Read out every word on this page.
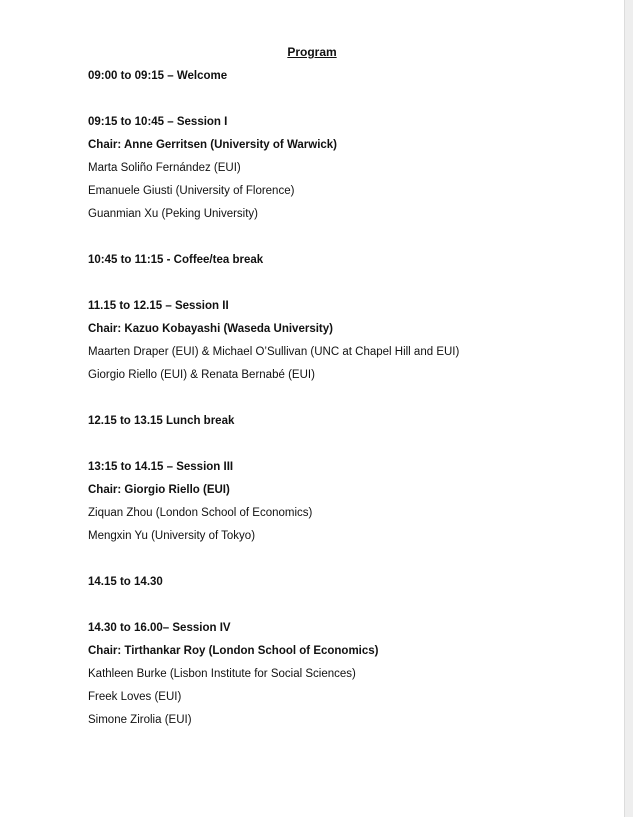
Program
09:00 to 09:15 – Welcome
09:15 to 10:45 – Session I
Chair: Anne Gerritsen (University of Warwick)
Marta Soliño Fernández (EUI)
Emanuele Giusti (University of Florence)
Guanmian Xu (Peking University)
10:45 to 11:15 - Coffee/tea break
11.15 to 12.15 – Session II
Chair: Kazuo Kobayashi (Waseda University)
Maarten Draper (EUI) & Michael O’Sullivan (UNC at Chapel Hill and EUI)
Giorgio Riello (EUI) & Renata Bernabé (EUI)
12.15 to 13.15 Lunch break
13:15 to 14.15 – Session III
Chair: Giorgio Riello (EUI)
Ziquan Zhou (London School of Economics)
Mengxin Yu (University of Tokyo)
14.15 to 14.30
14.30 to 16.00– Session IV
Chair: Tirthankar Roy (London School of Economics)
Kathleen Burke (Lisbon Institute for Social Sciences)
Freek Loves (EUI)
Simone Zirolia (EUI)
